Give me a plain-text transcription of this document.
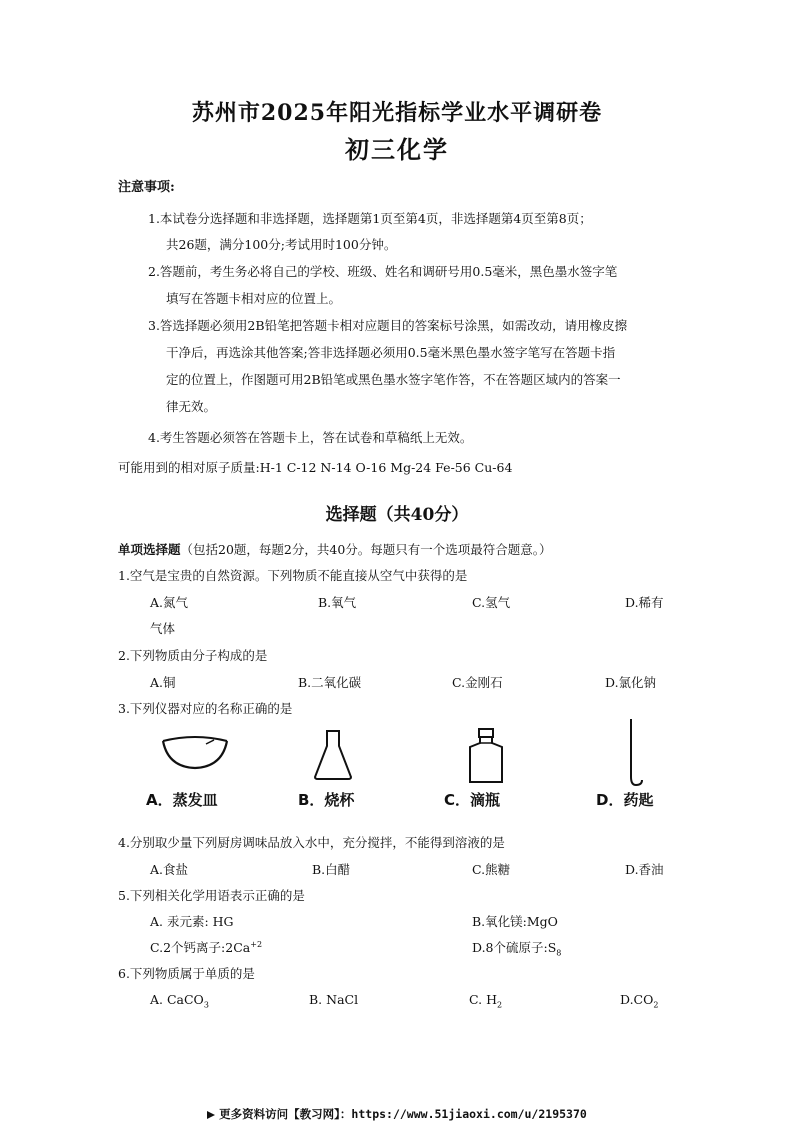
苏州市2025年阳光指标学业水平调研卷
初三化学
注意事项:
1.本试卷分选择题和非选择题，选择题第1页至第4页，非选择题第4页至第8页；
共26题，满分100分;考试用时100分钟。
2.答题前，考生务必将自己的学校、班级、姓名和调研号用0.5毫米，黑色墨水签字笔
填写在答题卡相对应的位置上。
3.答选择题必须用2B铅笔把答题卡相对应题目的答案标号涂黑，如需改动，请用橡皮擦
干净后，再选涂其他答案;答非选择题必须用0.5毫米黑色墨水签字笔写在答题卡指
定的位置上，作图题可用2B铅笔或黑色墨水签字笔作答，不在答题区域内的答案一
律无效。
4.考生答题必须答在答题卡上，答在试卷和草稿纸上无效。
可能用到的相对原子质量:H-1 C-12 N-14 O-16 Mg-24 Fe-56 Cu-64
选择题（共40分）
单项选择题（包括20题，每题2分，共40分。每题只有一个选项最符合题意。）
1.空气是宝贵的自然资源。下列物质不能直接从空气中获得的是
A.氮气	B.氧气	C.氢气	D.稀有
气体
2.下列物质由分子构成的是
A.铜	B.二氧化碳	C.金刚石	D.氯化钠
3.下列仪器对应的名称正确的是
A．蒸发皿	B．烧杯	C．滴瓶	D．药匙
4.分别取少量下列厨房调味品放入水中，充分搅拌，不能得到溶液的是
A.食盐	B.白醋	C.熊糖	D.香油
5.下列相关化学用语表示正确的是
A. 汞元素: HG	B.氧化镁:MgO
C.2个钙离子$:2Ca^{+2}$	D.8个硫原子$:S_8$
6.下列物质属于单质的是
A. CaCO$_3$	B. NaCl	C. $H_2$	$D.CO_2$
更多资料访问【教习网】：https://www.51jiaoxi.com/u/2195370
